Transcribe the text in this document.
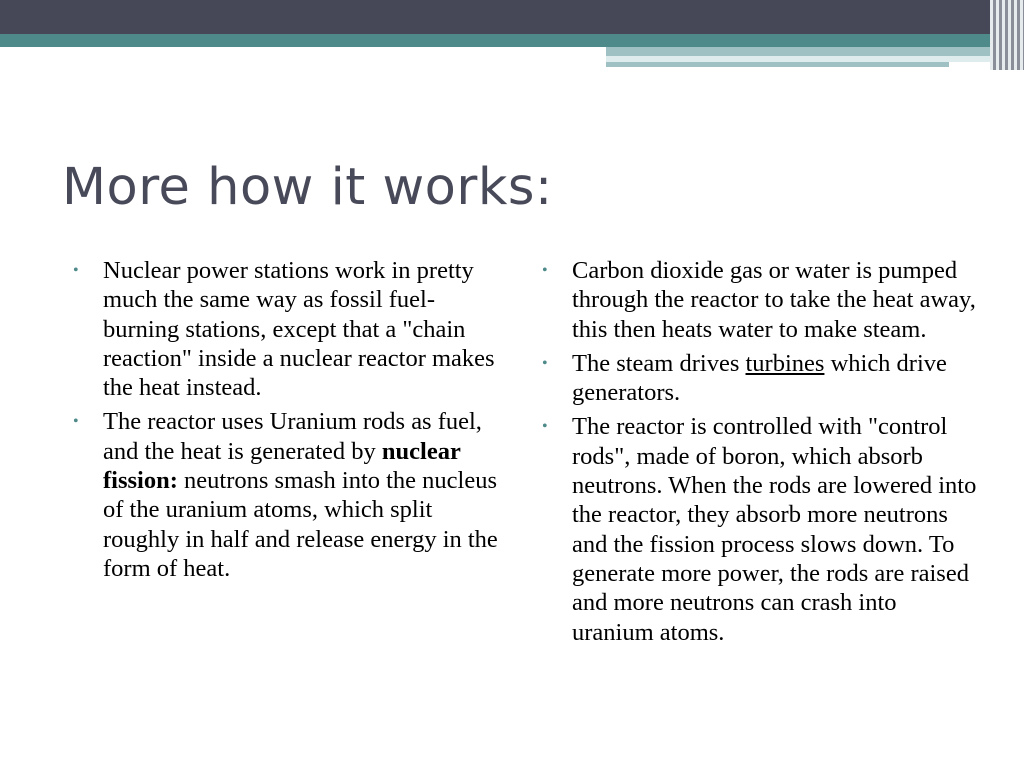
More how it works:
• Nuclear power stations work in pretty much the same way as fossil fuel-burning stations, except that a "chain reaction" inside a nuclear reactor makes the heat instead.
• The reactor uses Uranium rods as fuel, and the heat is generated by nuclear fission: neutrons smash into the nucleus of the uranium atoms, which split roughly in half and release energy in the form of heat.
• Carbon dioxide gas or water is pumped through the reactor to take the heat away, this then heats water to make steam.
• The steam drives turbines which drive generators.
• The reactor is controlled with "control rods", made of boron, which absorb neutrons. When the rods are lowered into the reactor, they absorb more neutrons and the fission process slows down. To generate more power, the rods are raised and more neutrons can crash into uranium atoms.
